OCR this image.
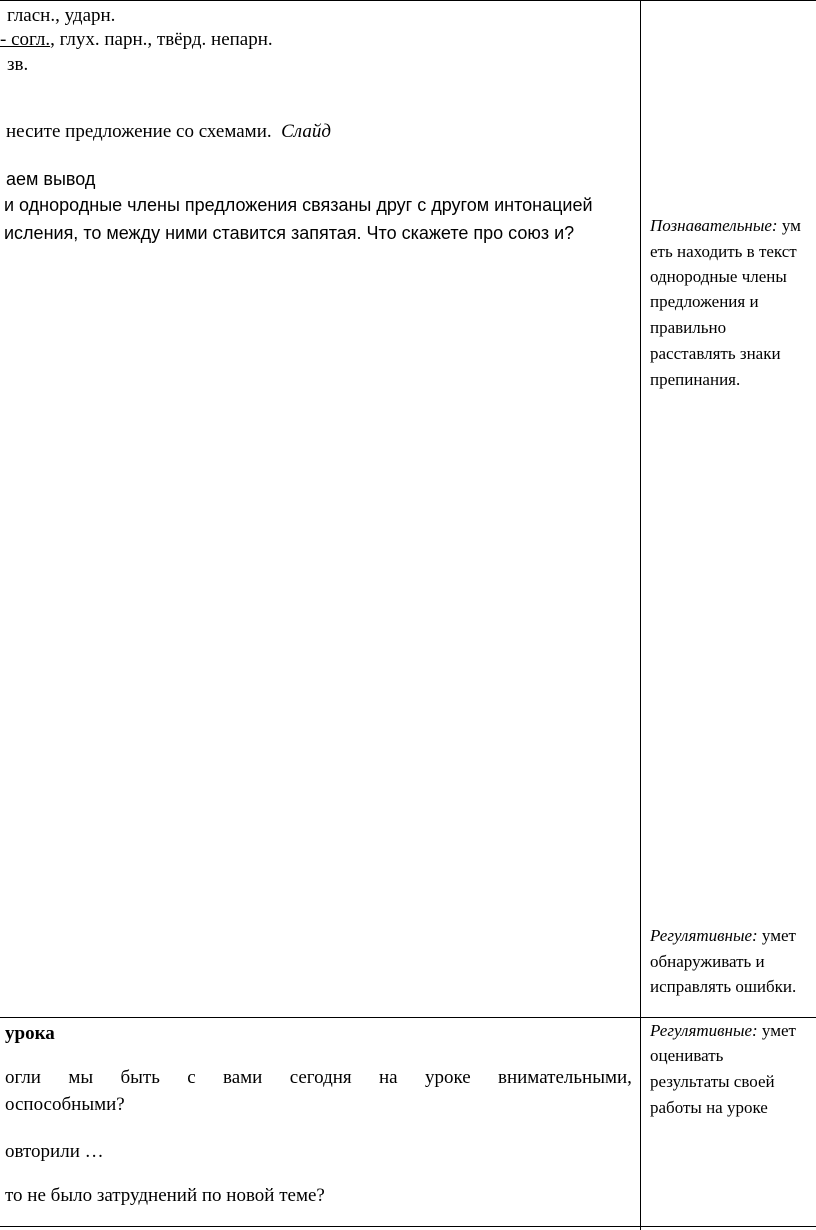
гласн., ударн.
- согл., глух. парн., твёрд. непарн.
зв.
несите предложение со схемами. Слайд
аем вывод
и однородные члены предложения связаны друг с другом интонацией
исления, то между ними ставится запятая. Что скажете про союз и?
урока
огли мы быть с вами сегодня на уроке внимательными,
оспособными?
овторили …
то не было затруднений по новой теме?
Познавательные: ум
еть находить в текст
однородные члены
предложения и
правильно
расставлять знаки
препинания.
Регулятивные: умет
обнаруживать и
исправлять ошибки.
Регулятивные: умет
оценивать
результаты своей
работы на уроке
